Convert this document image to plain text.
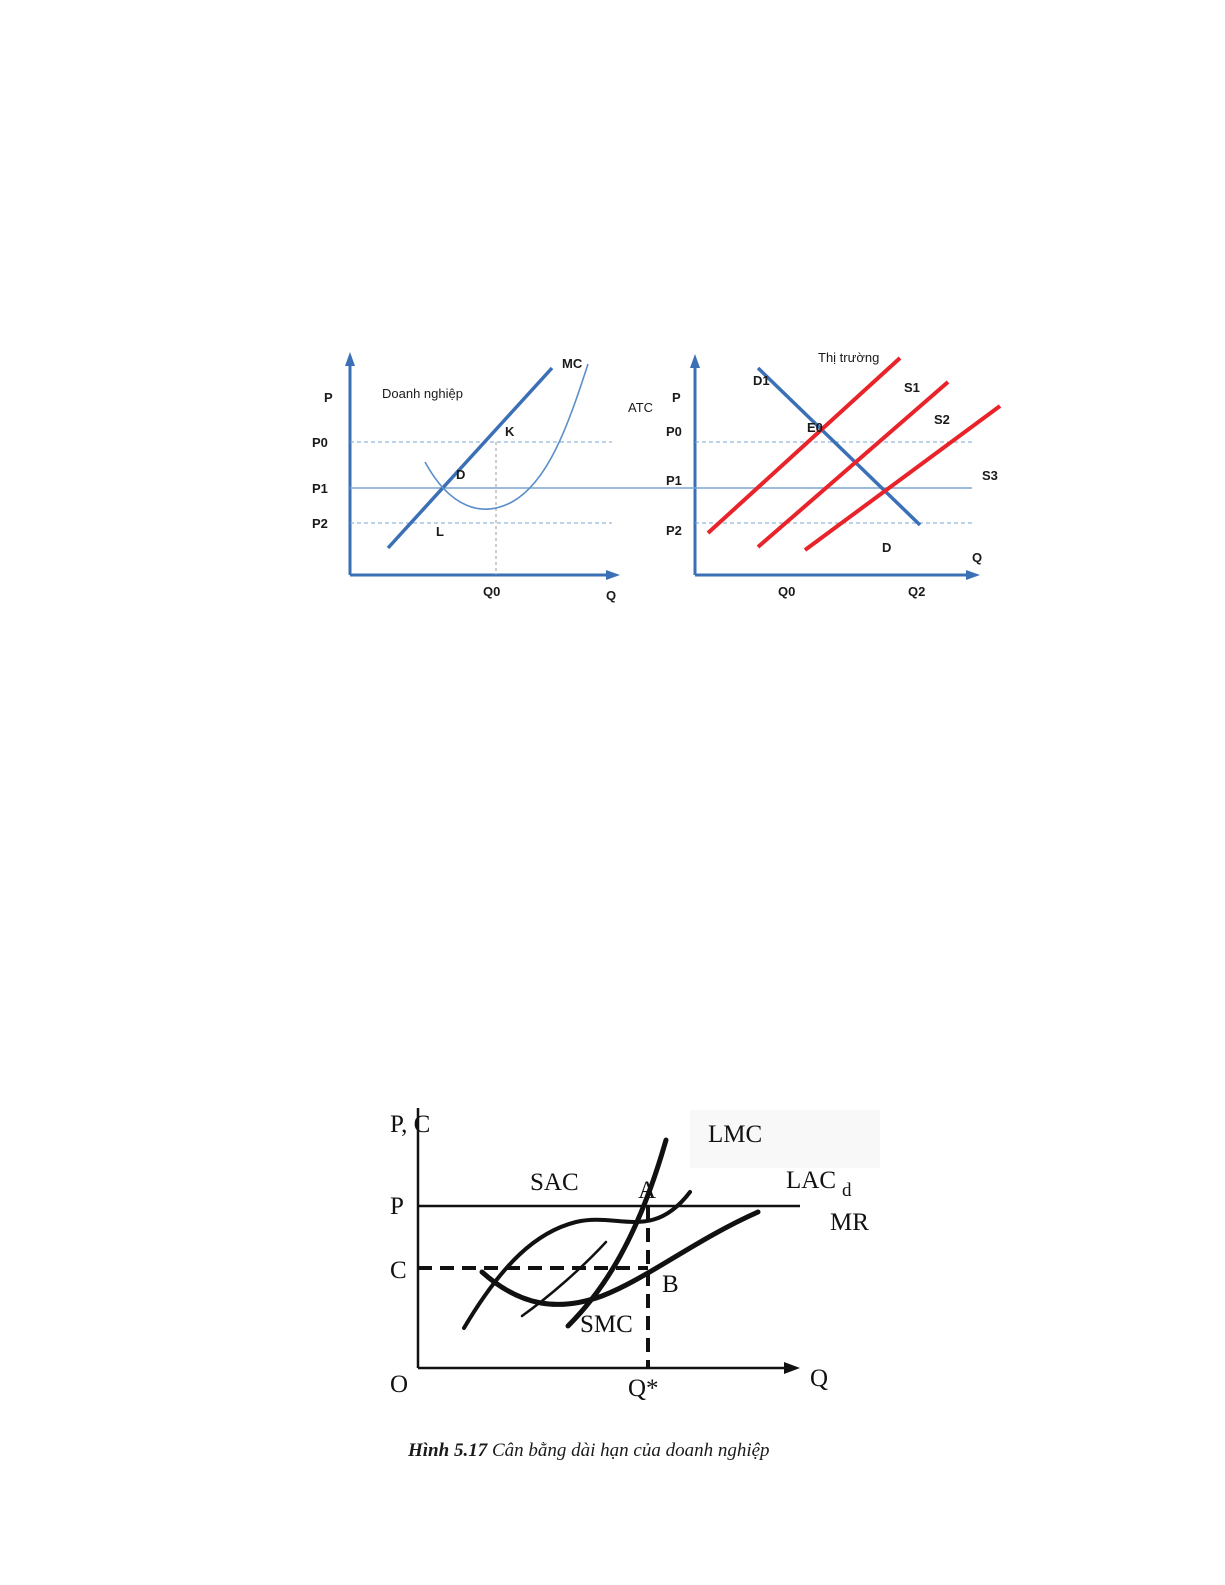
P	Doanh nghiệp
MC
ATC
P0
P1
P2
K
D
L
Q0	Q
Thị trường
P
D1	S1
S2
S3
E0
D
P0
P1
P2
Q0	Q2
Q
P, C
P
C
O	Q*	Q
SAC
SMC
LMC
LAC d
MR
A
B
Hình 5.17 Cân bằng dài hạn của doanh nghiệp
